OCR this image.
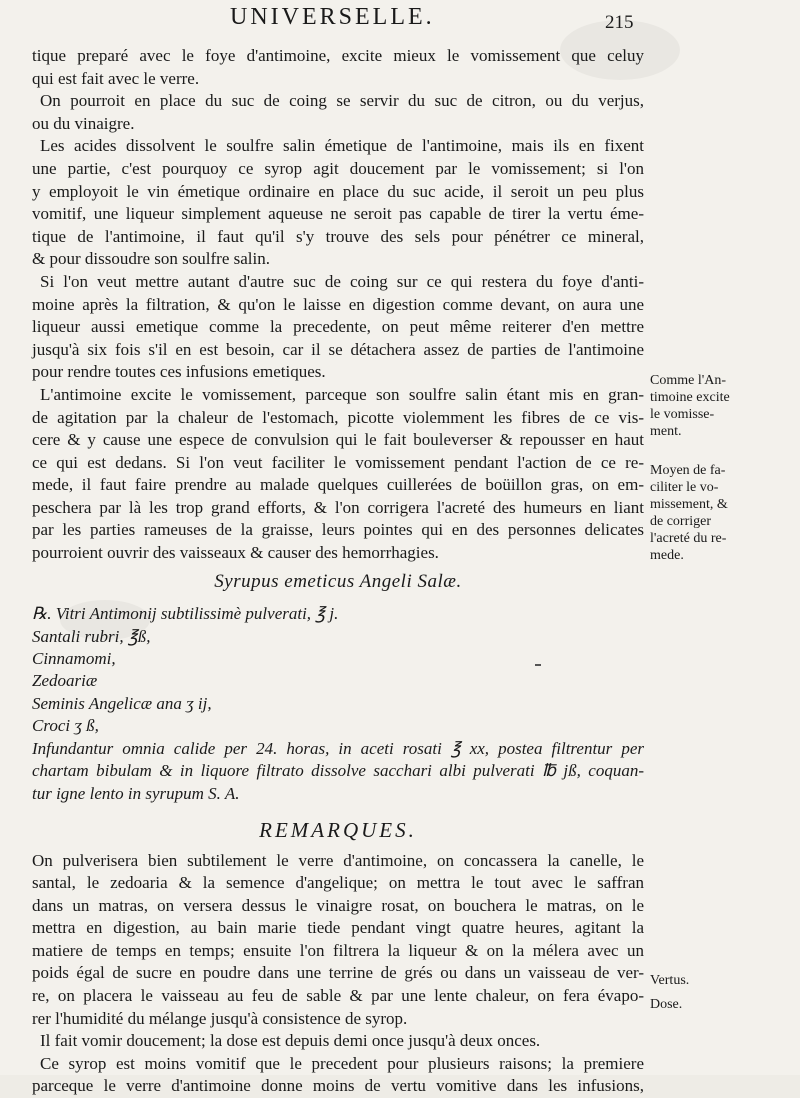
UNIVERSELLE.	215

tique preparé avec le foye d'antimoine, excite mieux le vomissement que celuy
qui est fait avec le verre.

On pourroit en place du suc de coing se servir du suc de citron, ou du verjus,
ou du vinaigre.

Les acides dissolvent le soulfre salin émetique de l'antimoine, mais ils en fixent
une partie, c'est pourquoy ce syrop agit doucement par le vomissement; si l'on
y employoit le vin émetique ordinaire en place du suc acide, il seroit un peu plus
vomitif, une liqueur simplement aqueuse ne seroit pas capable de tirer la vertu éme-
tique de l'antimoine, il faut qu'il s'y trouve des sels pour pénétrer ce mineral,
& pour dissoudre son soulfre salin.

Si l'on veut mettre autant d'autre suc de coing sur ce qui restera du foye d'anti-
moine après la filtration, & qu'on le laisse en digestion comme devant, on aura une
liqueur aussi emetique comme la precedente, on peut même reiterer d'en mettre
jusqu'à six fois s'il en est besoin, car il se détachera assez de parties de l'antimoine
pour rendre toutes ces infusions emetiques.

L'antimoine excite le vomissement, parceque son soulfre salin étant mis en gran-
de agitation par la chaleur de l'estomach, picotte violemment les fibres de ce vis-
cere & y cause une espece de convulsion qui le fait bouleverser & repousser en haut
ce qui est dedans. Si l'on veut faciliter le vomissement pendant l'action de ce re-
mede, il faut faire prendre au malade quelques cuillerées de boüillon gras, on em-
peschera par là les trop grand efforts, & l'on corrigera l'acreté des humeurs en liant
par les parties rameuses de la graisse, leurs pointes qui en des personnes delicates
pourroient ouvrir des vaisseaux & causer des hemorrhagies.

Syrupus emeticus Angeli Salæ.
℞. Vitri Antimonij subtilissimè pulverati, ℥ j.
Santali rubri, ℥ß,
Cinnamomi,
Zedoariæ
Seminis Angelicæ ana ʒ ij,
Croci ʒ ß,
Infundantur omnia calide per 24. horas, in aceti rosati ℥ xx, postea filtrentur per
chartam bibulam & in liquore filtrato dissolve sacchari albi pulverati ℔ jß, coquan-
tur igne lento in syrupum S. A.
REMARQUES.

On pulverisera bien subtilement le verre d'antimoine, on concassera la canelle, le
santal, le zedoaria & la semence d'angelique; on mettra le tout avec le saffran
dans un matras, on versera dessus le vinaigre rosat, on bouchera le matras, on le
mettra en digestion, au bain marie tiede pendant vingt quatre heures, agitant la
matiere de temps en temps; ensuite l'on filtrera la liqueur & on la mélera avec un
poids égal de sucre en poudre dans une terrine de grés ou dans un vaisseau de ver-
re, on placera le vaisseau au feu de sable & par une lente chaleur, on fera évapo-
rer l'humidité du mélange jusqu'à consistence de syrop.

Il fait vomir doucement; la dose est depuis demi once jusqu'à deux onces.

Ce syrop est moins vomitif que le precedent pour plusieurs raisons; la premiere
parceque le verre d'antimoine donne moins de vertu vomitive dans les infusions,

Comme l'An-
timoine excite
le vomisse-
ment.
Moyen de fa-
ciliter le vo-
missement, &
de corriger
l'acreté du re-
mede.
Vertus.
Dose.
